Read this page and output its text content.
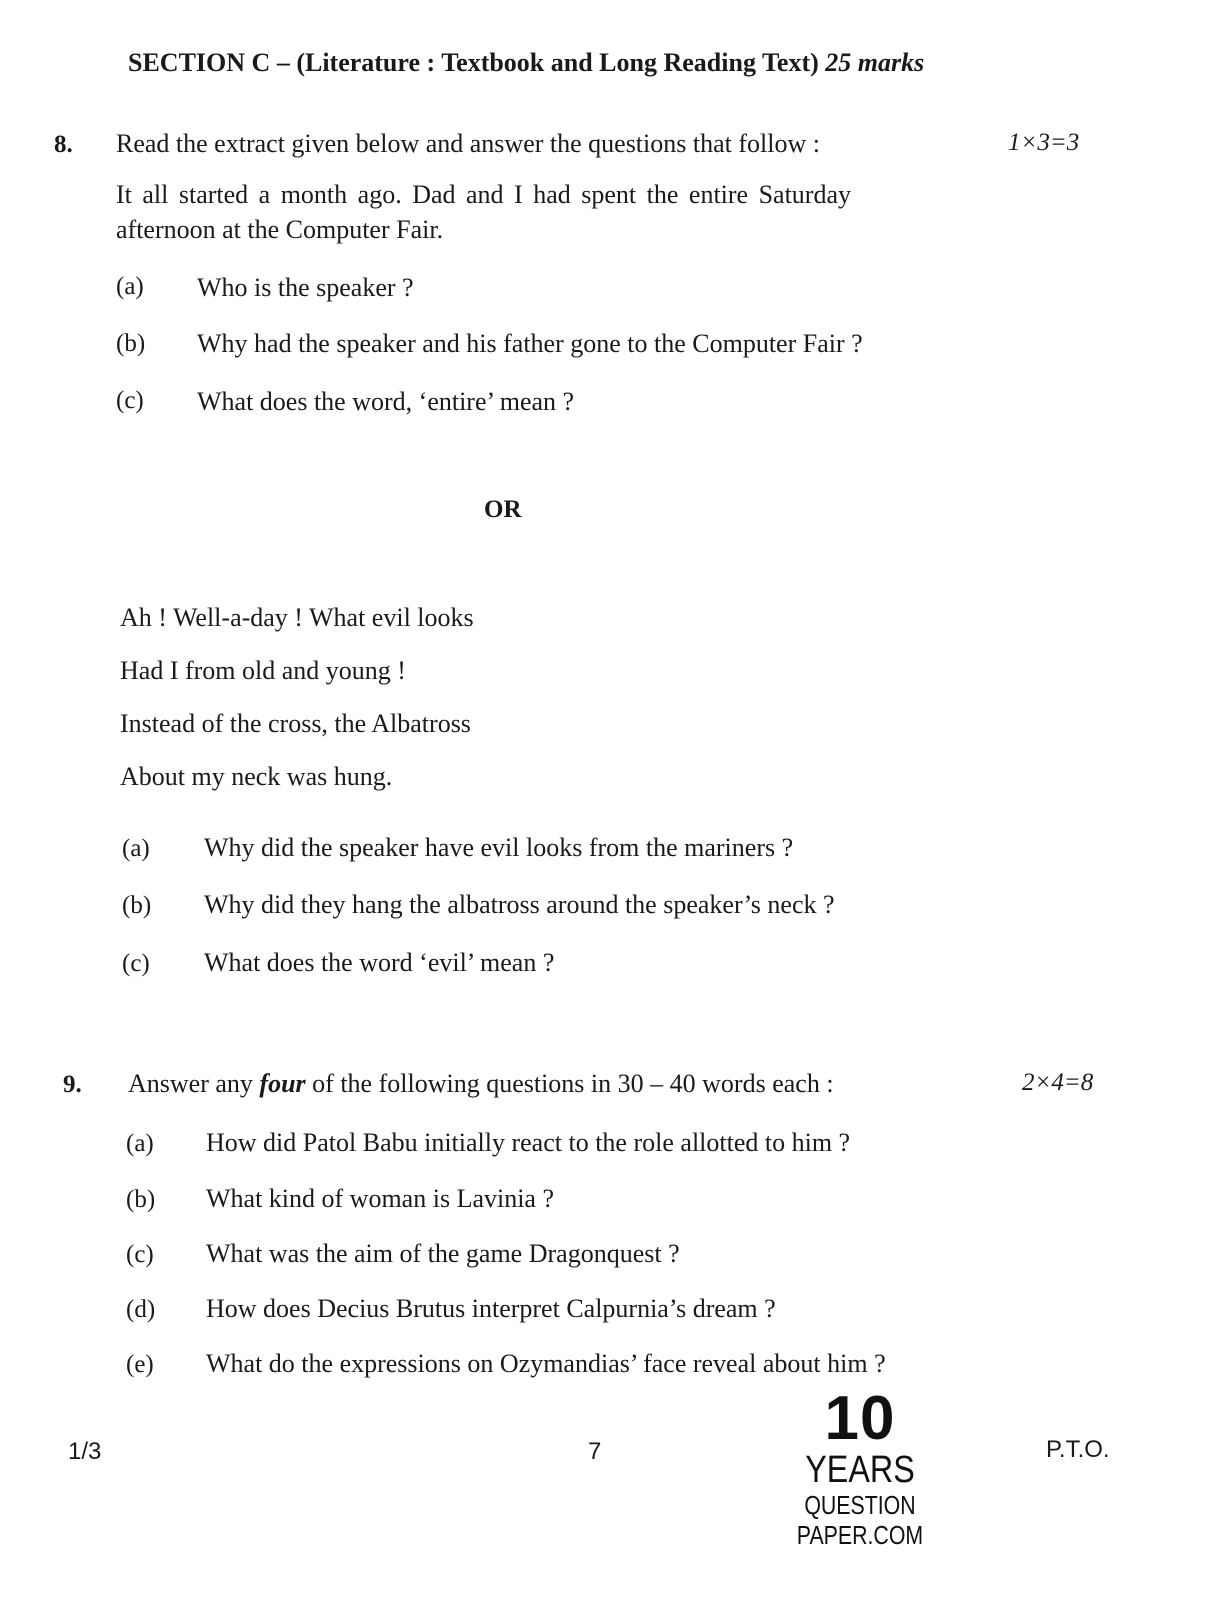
SECTION C – (Literature : Textbook and Long Reading Text) 25 marks
8. Read the extract given below and answer the questions that follow :	1×3=3
It all started a month ago. Dad and I had spent the entire Saturday
afternoon at the Computer Fair.
(a) Who is the speaker ?
(b) Why had the speaker and his father gone to the Computer Fair ?
(c) What does the word, ‘entire’ mean ?
OR
Ah ! Well-a-day ! What evil looks
Had I from old and young !
Instead of the cross, the Albatross
About my neck was hung.
(a) Why did the speaker have evil looks from the mariners ?
(b) Why did they hang the albatross around the speaker’s neck ?
(c) What does the word ‘evil’ mean ?
9. Answer any four of the following questions in 30 – 40 words each :	2×4=8
(a) How did Patol Babu initially react to the role allotted to him ?
(b) What kind of woman is Lavinia ?
(c) What was the aim of the game Dragonquest ?
(d) How does Decius Brutus interpret Calpurnia’s dream ?
(e) What do the expressions on Ozymandias’ face reveal about him ?
1/3	7	P.T.O.
10
YEARS
QUESTION PAPER.COM
